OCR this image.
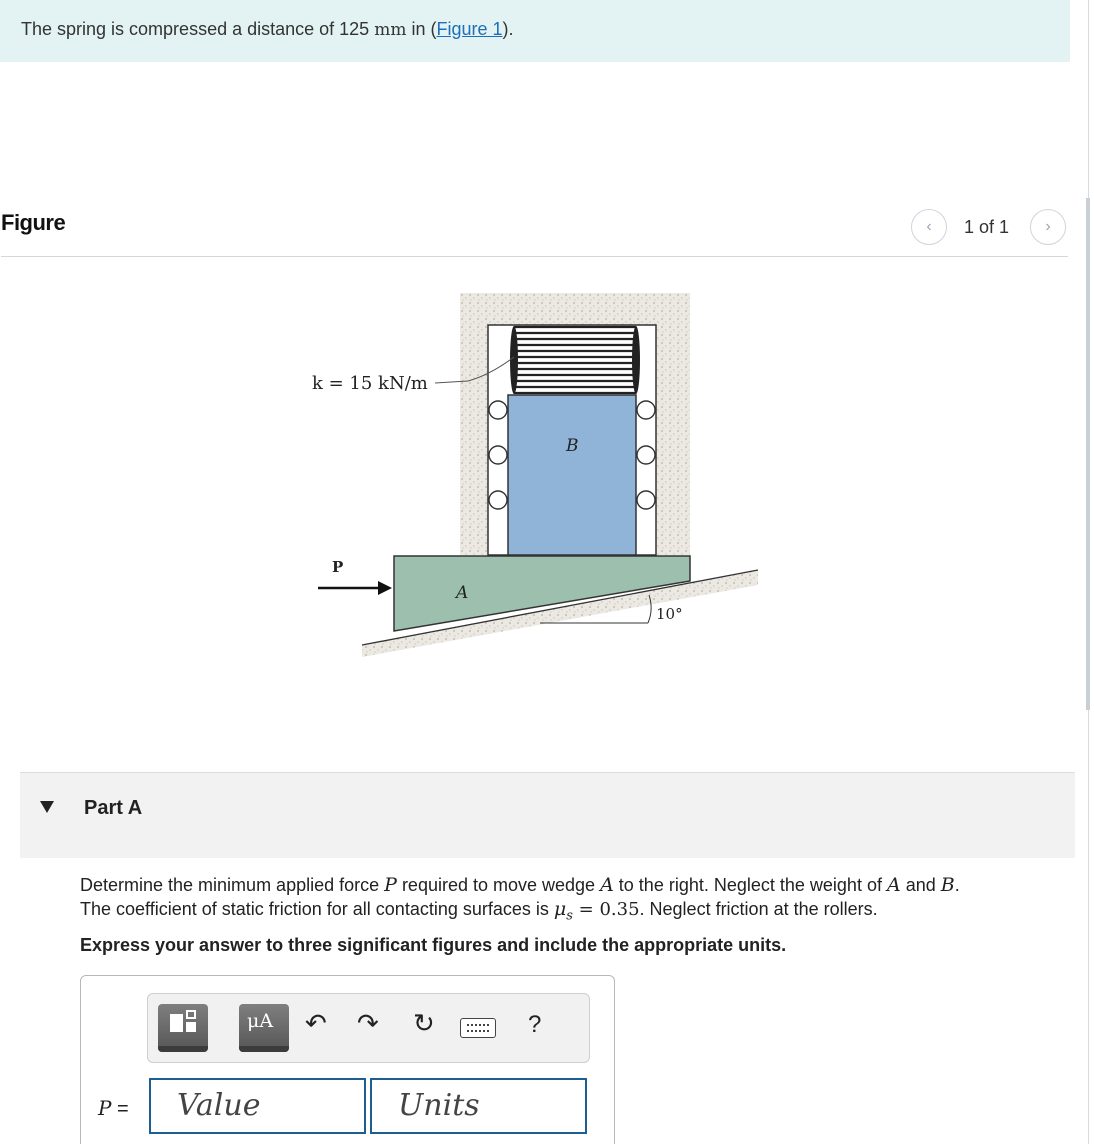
The spring is compressed a distance of 125 mm in (Figure 1).
Figure	‹	1 of 1	›
k = 15 kN/m
P
B
A
10°
Part A
Determine the minimum applied force P required to move wedge A to the right. Neglect the weight of A and B.
The coefficient of static friction for all contacting surfaces is $\mu_s = 0.35$. Neglect friction at the rollers.
Express your answer to three significant figures and include the appropriate units.
μA ↶ ↷ ↻	?
P = Value	Units
